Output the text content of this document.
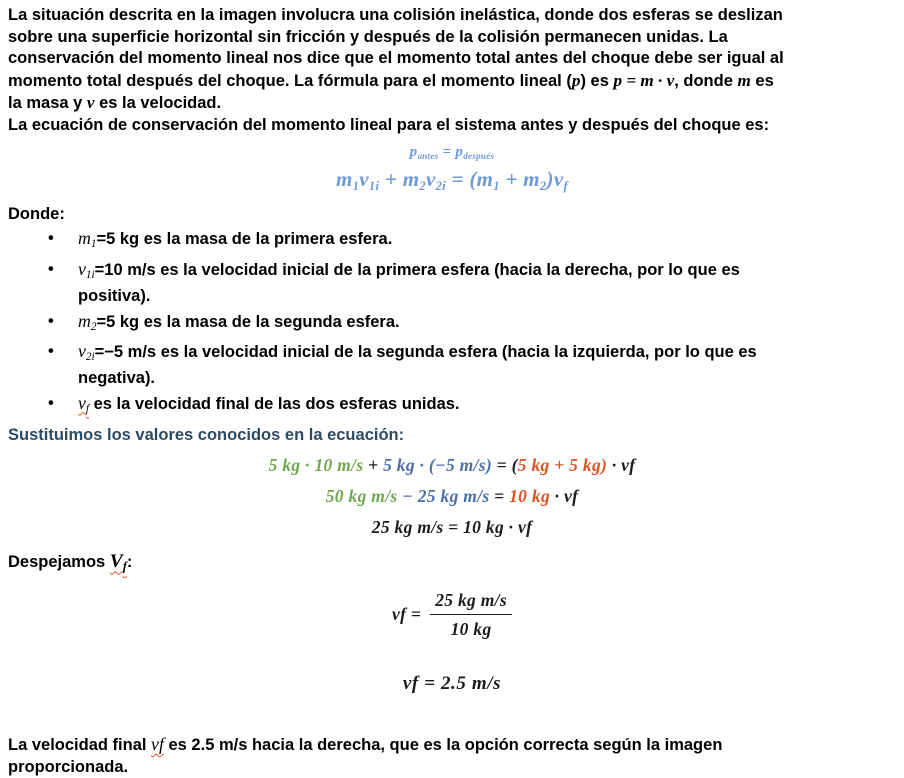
La situación descrita en la imagen involucra una colisión inelástica, donde dos esferas se deslizan
sobre una superficie horizontal sin fricción y después de la colisión permanecen unidas. La
conservación del momento lineal nos dice que el momento total antes del choque debe ser igual al
momento total después del choque. La fórmula para el momento lineal (p) es p = m · v, donde m es
la masa y v es la velocidad.

La ecuación de conservación del momento lineal para el sistema antes y después del choque es:

$p_{antes} = p_{después}$
$m_1v_{1i} + m_2v_{2i} = (m_1 + m_2)v_f$

Donde:

• m1=5 kg es la masa de la primera esfera.
• v1i=10 m/s es la velocidad inicial de la primera esfera (hacia la derecha, por lo que es
positiva).
• m2=5 kg es la masa de la segunda esfera.
• v2i=−5 m/s es la velocidad inicial de la segunda esfera (hacia la izquierda, por lo que es
negativa).
• vf es la velocidad final de las dos esferas unidas.

Sustituimos los valores conocidos en la ecuación:

5 kg · 10 m/s + 5 kg · (−5 m/s) = (5 kg + 5 kg) · vf
50 kg m/s − 25 kg m/s = 10 kg · vf
25 kg m/s = 10 kg · vf

Despejamos $V_f$:

vf = $\frac{\text{25 kg m/s}}{10 kg}$
vf = 2.5 m/s

La velocidad final vf es 2.5 m/s hacia la derecha, que es la opción correcta según la imagen
proporcionada.
